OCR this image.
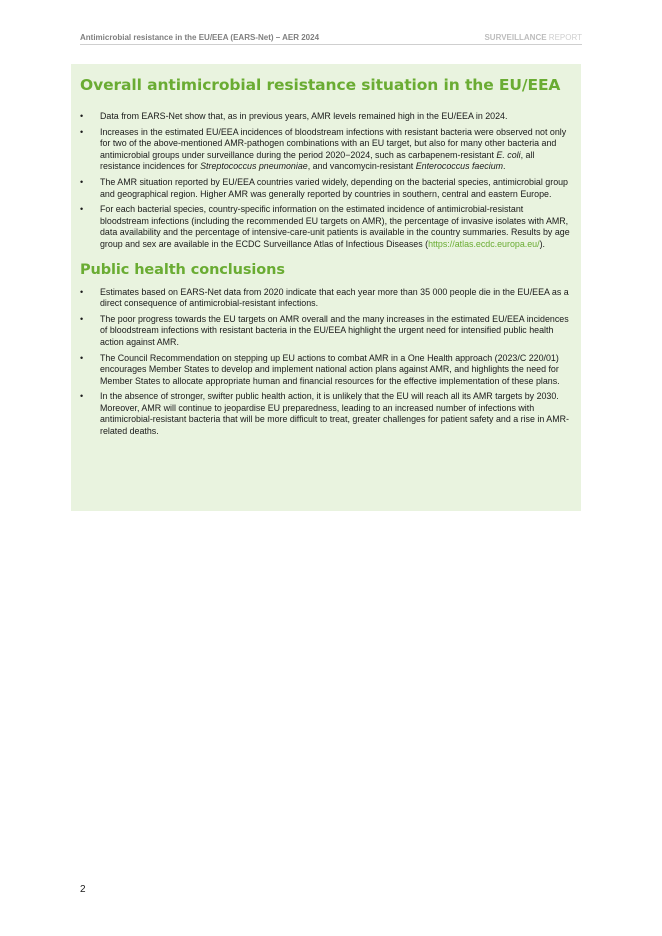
Antimicrobial resistance in the EU/EEA (EARS-Net) – AER 2024	SURVEILLANCE REPORT
Overall antimicrobial resistance situation in the EU/EEA
• Data from EARS-Net show that, as in previous years, AMR levels remained high in the EU/EEA in 2024.
• Increases in the estimated EU/EEA incidences of bloodstream infections with resistant bacteria were observed not only for two of the above-mentioned AMR-pathogen combinations with an EU target, but also for many other bacteria and antimicrobial groups under surveillance during the period 2020−2024, such as carbapenem-resistant E. coli, all resistance incidences for Streptococcus pneumoniae, and vancomycin-resistant Enterococcus faecium.
• The AMR situation reported by EU/EEA countries varied widely, depending on the bacterial species, antimicrobial group and geographical region. Higher AMR was generally reported by countries in southern, central and eastern Europe.
• For each bacterial species, country-specific information on the estimated incidence of antimicrobial-resistant bloodstream infections (including the recommended EU targets on AMR), the percentage of invasive isolates with AMR, data availability and the percentage of intensive-care-unit patients is available in the country summaries. Results by age group and sex are available in the ECDC Surveillance Atlas of Infectious Diseases (https://atlas.ecdc.europa.eu/).
Public health conclusions
• Estimates based on EARS-Net data from 2020 indicate that each year more than 35 000 people die in the EU/EEA as a direct consequence of antimicrobial-resistant infections.
• The poor progress towards the EU targets on AMR overall and the many increases in the estimated EU/EEA incidences of bloodstream infections with resistant bacteria in the EU/EEA highlight the urgent need for intensified public health action against AMR.
• The Council Recommendation on stepping up EU actions to combat AMR in a One Health approach (2023/C 220/01) encourages Member States to develop and implement national action plans against AMR, and highlights the need for Member States to allocate appropriate human and financial resources for the effective implementation of these plans.
• In the absence of stronger, swifter public health action, it is unlikely that the EU will reach all its AMR targets by 2030. Moreover, AMR will continue to jeopardise EU preparedness, leading to an increased number of infections with antimicrobial-resistant bacteria that will be more difficult to treat, greater challenges for patient safety and a rise in AMR-related deaths.
2
